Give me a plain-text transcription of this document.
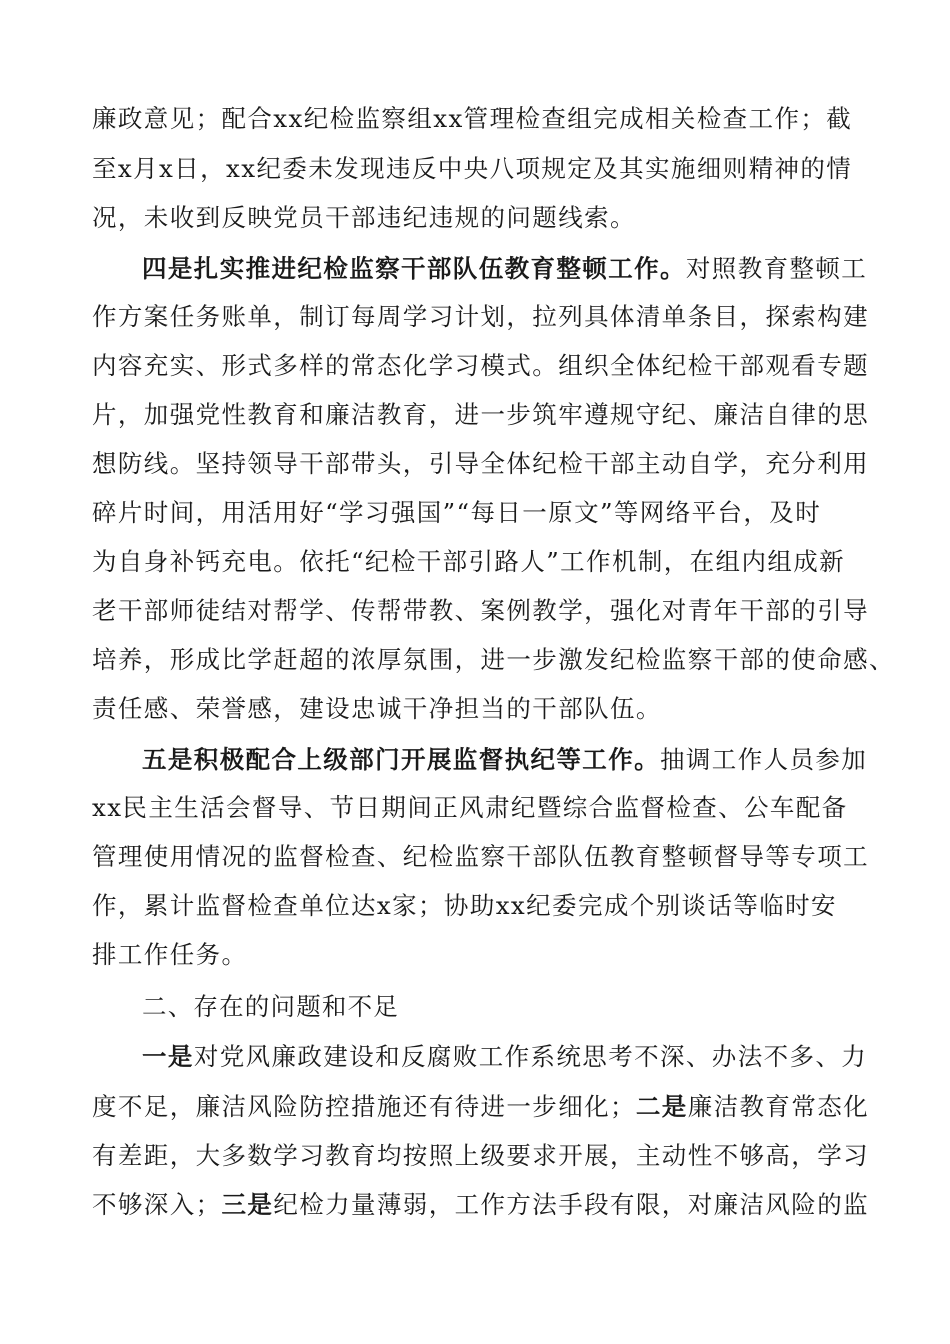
廉政意见；配合xx纪检监察组xx管理检查组完成相关检查工作；截
至x月x日，xx纪委未发现违反中央八项规定及其实施细则精神的情
况，未收到反映党员干部违纪违规的问题线索。
四是扎实推进纪检监察干部队伍教育整顿工作。对照教育整顿工
作方案任务账单，制订每周学习计划，拉列具体清单条目，探索构建
内容充实、形式多样的常态化学习模式。组织全体纪检干部观看专题
片，加强党性教育和廉洁教育，进一步筑牢遵规守纪、廉洁自律的思
想防线。坚持领导干部带头，引导全体纪检干部主动自学，充分利用
碎片时间，用活用好“学习强国”“每日一原文”等网络平台，及时
为自身补钙充电。依托“纪检干部引路人”工作机制，在组内组成新
老干部师徒结对帮学、传帮带教、案例教学，强化对青年干部的引导
培养，形成比学赶超的浓厚氛围，进一步激发纪检监察干部的使命感、
责任感、荣誉感，建设忠诚干净担当的干部队伍。
五是积极配合上级部门开展监督执纪等工作。抽调工作人员参加
xx民主生活会督导、节日期间正风肃纪暨综合监督检查、公车配备
管理使用情况的监督检查、纪检监察干部队伍教育整顿督导等专项工
作，累计监督检查单位达x家；协助xx纪委完成个别谈话等临时安
排工作任务。
二、存在的问题和不足
一是对党风廉政建设和反腐败工作系统思考不深、办法不多、力
度不足，廉洁风险防控措施还有待进一步细化；二是廉洁教育常态化
有差距，大多数学习教育均按照上级要求开展，主动性不够高，学习
不够深入；三是纪检力量薄弱，工作方法手段有限，对廉洁风险的监
